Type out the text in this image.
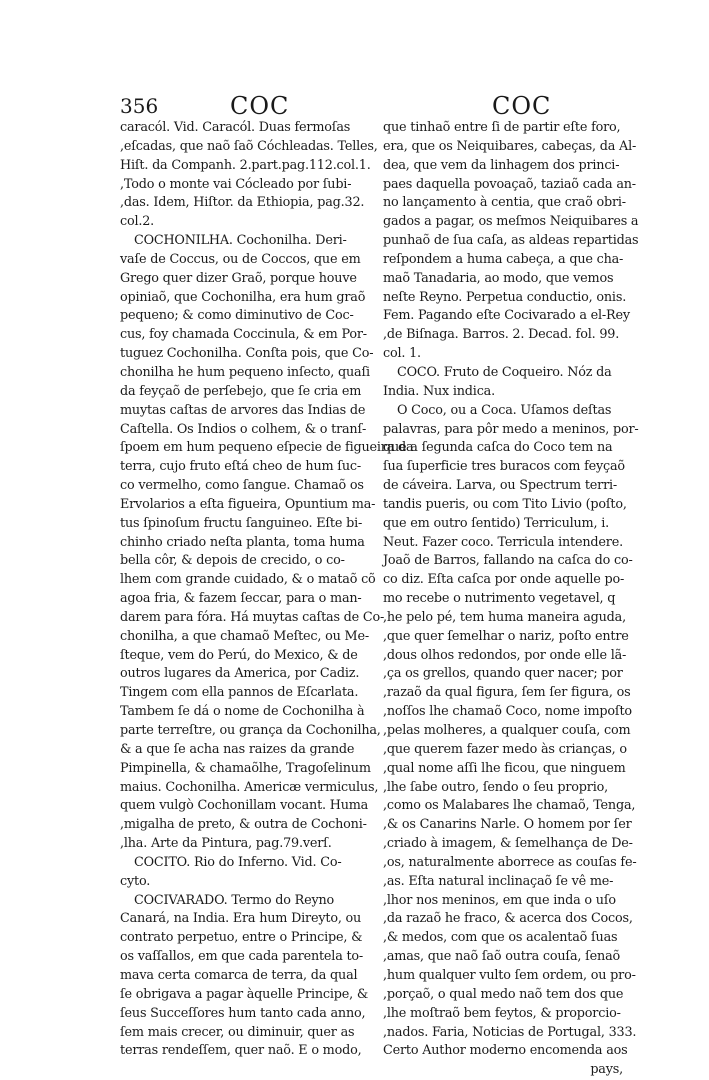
356	COC	COC
caracól. Vid. Caracól. Duas fermoſas
,eſcadas, que naõ ſaõ Cóchleadas. Telles,
Hiſt. da Companh. 2.part.pag.112.col.1.
,Todo o monte vai Cócleado por ſubi-
,das. Idem, Hiſtor. da Ethiopia, pag.32.
col.2.
COCHONILHA. Cochonilha. Deri-
vaſe de Coccus, ou de Coccos, que em
Grego quer dizer Graõ, porque houve
opiniaõ, que Cochonilha, era hum graõ
pequeno; & como diminutivo de Coc-
cus, foy chamada Coccinula, & em Por-
tuguez Cochonilha. Conſta pois, que Co-
chonilha he hum pequeno inſecto, quaſi
da feyçaõ de perſebejo, que ſe cria em
muytas caſtas de arvores das Indias de
Caſtella. Os Indios o colhem, & o tranſ-
ſpoem em hum pequeno eſpecie de figueira da
terra, cujo fruto eſtá cheo de hum ſuc-
co vermelho, como ſangue. Chamaõ os
Ervolarios a eſta figueira, Opuntium ma-
tus ſpinoſum fructu ſanguineo. Eſte bi-
chinho criado neſta planta, toma huma
bella côr, & depois de crecido, o co-
lhem com grande cuidado, & o mataõ cõ
agoa fria, & fazem ſeccar, para o man-
darem para fóra. Há muytas caſtas de Co-
chonilha, a que chamaõ Meſtec, ou Me-
ſteque, vem do Perú, do Mexico, & de
outros lugares da America, por Cadiz.
Tingem com ella pannos de Eſcarlata.
Tambem ſe dá o nome de Cochonilha à
parte terreſtre, ou grança da Cochonilha,
& a que ſe acha nas raizes da grande
Pimpinella, & chamaõlhe, Tragoſelinum
maius. Cochonilha. Americæ vermiculus,
quem vulgò Cochonillam vocant. Huma
,migalha de preto, & outra de Cochoni-
,lha. Arte da Pintura, pag.79.verſ.
COCITO. Rio do Inferno. Vid. Co-
cyto.
COCIVARADO. Termo do Reyno
Canará, na India. Era hum Direyto, ou
contrato perpetuo, entre o Principe, &
os vaſſallos, em que cada parentela to-
mava certa comarca de terra, da qual
ſe obrigava a pagar àquelle Principe, &
ſeus Succeſſores hum tanto cada anno,
ſem mais crecer, ou diminuir, quer as
terras rendeſſem, quer naõ. E o modo,
que tinhaõ entre ſi de partir eſte foro,
era, que os Neiquibares, cabeças, da Al-
dea, que vem da linhagem dos princi-
paes daquella povoaçaõ, taziaõ cada an-
no lançamento à centia, que craõ obri-
gados a pagar, os meſmos Neiquibares a
punhaõ de ſua caſa, as aldeas repartidas
reſpondem a huma cabeça, a que cha-
maõ Tanadaria, ao modo, que vemos
neſte Reyno. Perpetua conductio, onis.
Fem. Pagando eſte Cocivarado a el-Rey
,de Biſnaga. Barros. 2. Decad. fol. 99.
col. 1.
COCO. Fruto de Coqueiro. Nóz da
India. Nux indica.
O Coco, ou a Coca. Uſamos deſtas
palavras, para pôr medo a meninos, por-
que a ſegunda caſca do Coco tem na
ſua ſuperficie tres buracos com feyçaõ
de cáveira. Larva, ou Spectrum terri-
tandis pueris, ou com Tito Livio (poſto,
que em outro ſentido) Terriculum, i.
Neut. Fazer coco. Terricula intendere.
Joaõ de Barros, fallando na caſca do co-
co diz. Eſta caſca por onde aquelle po-
mo recebe o nutrimento vegetavel, q
,he pelo pé, tem huma maneira aguda,
,que quer ſemelhar o nariz, poſto entre
,dous olhos redondos, por onde elle lã-
,ça os grellos, quando quer nacer; por
,razaõ da qual figura, ſem ſer figura, os
,noſſos lhe chamaõ Coco, nome impoſto
,pelas molheres, a qualquer couſa, com
,que querem fazer medo às crianças, o
,qual nome aſſi lhe ficou, que ninguem
,lhe ſabe outro, ſendo o ſeu proprio,
,como os Malabares lhe chamaõ, Tenga,
,& os Canarins Narle. O homem por ſer
,criado à imagem, & ſemelhança de De-
,os, naturalmente aborrece as couſas fe-
,as. Eſta natural inclinaçaõ ſe vê me-
,lhor nos meninos, em que inda o uſo
,da razaõ he fraco, & acerca dos Cocos,
,& medos, com que os acalentaõ ſuas
,amas, que naõ ſaõ outra couſa, ſenaõ
,hum qualquer vulto ſem ordem, ou pro-
,porçaõ, o qual medo naõ tem dos que
,lhe moſtraõ bem feytos, & proporcio-
,nados. Faria, Noticias de Portugal, 333.
Certo Author moderno encomenda aos
pays,
